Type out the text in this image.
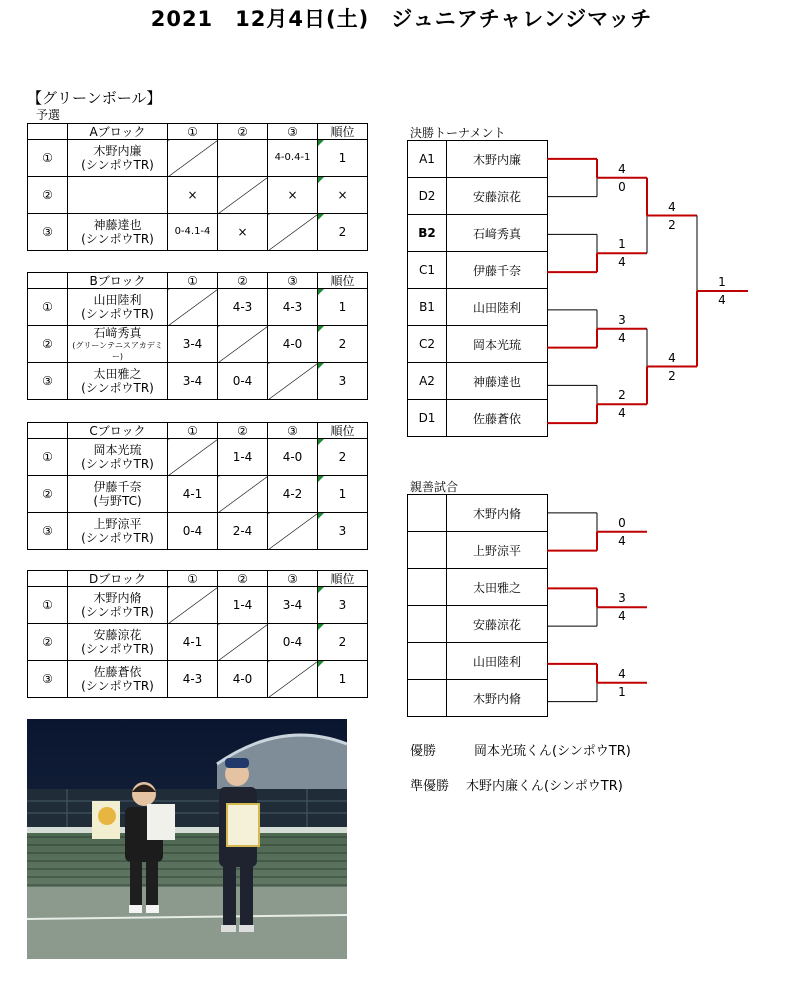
2021　12月4日(土)　ジュニアチャレンジマッチ
【グリーンボール】
予選
	Aブロック	①	②	③	順位
①	木野内廉
(シンポウTR)			4-0.4-1	1
②		×		×	×
③	神藤達也
(シンポウTR)	0-4.1-4	×		2
	Bブロック	①	②	③	順位
①	山田陸利
(シンポウTR)		4-3	4-3	1
②	石﨑秀真
(グリーンテニスアカデミー)	3-4		4-0	2
③	太田雅之
(シンポウTR)	3-4	0-4		3
	Cブロック	①	②	③	順位
①	岡本光琉
(シンポウTR)		1-4	4-0	2
②	伊藤千奈
(与野TC)	4-1		4-2	1
③	上野涼平
(シンポウTR)	0-4	2-4		3
	Dブロック	①	②	③	順位
①	木野内脩
(シンポウTR)		1-4	3-4	3
②	安藤涼花
(シンポウTR)	4-1		0-4	2
③	佐藤蒼依
(シンポウTR)	4-3	4-0		1
決勝トーナメント
A1	木野内廉
D2	安藤涼花
B2	石﨑秀真
C1	伊藤千奈
B1	山田陸利
C2	岡本光琉
A2	神藤達也
D1	佐藤蒼依
親善試合
	木野内脩
	上野涼平
	太田雅之
	安藤涼花
	山田陸利
	木野内脩
4
0
1
4
3
4
2
4
4
2
4
2
1
4
0
4
3
4
4
1
優勝	岡本光琉くん(シンポウTR)
準優勝 木野内廉くん(シンポウTR)
